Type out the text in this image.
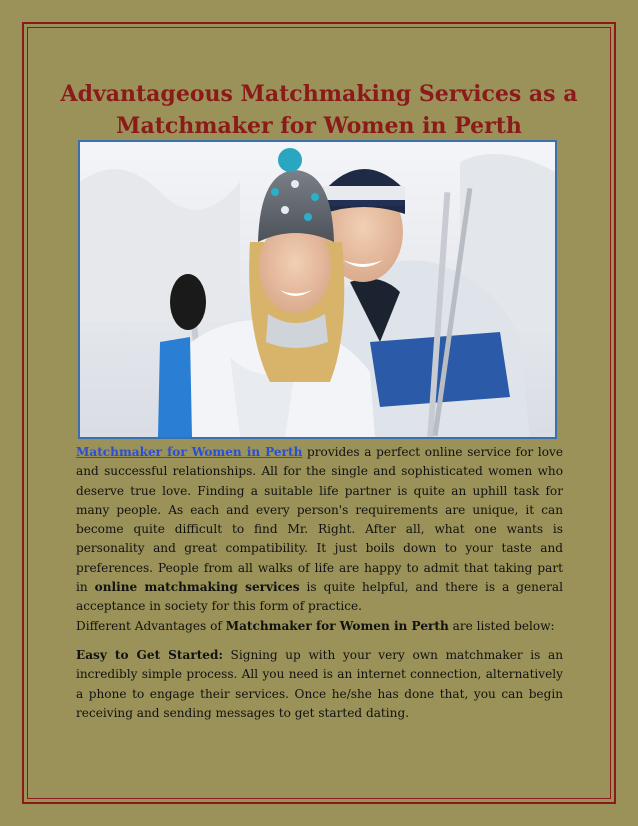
Advantageous Matchmaking Services as a Matchmaker for Women in Perth

Matchmaker for Women in Perth provides a perfect online service for love and successful relationships. All for the single and sophisticated women who deserve true love. Finding a suitable life partner is quite an uphill task for many people. As each and every person's requirements are unique, it can become quite difficult to find Mr. Right. After all, what one wants is personality and great compatibility. It just boils down to your taste and preferences. People from all walks of life are happy to admit that taking part in online matchmaking services is quite helpful, and there is a general acceptance in society for this form of practice.

Different Advantages of Matchmaker for Women in Perth are listed below:

Easy to Get Started: Signing up with your very own matchmaker is an incredibly simple process. All you need is an internet connection, alternatively a phone to engage their services. Once he/she has done that, you can begin receiving and sending messages to get started dating.
